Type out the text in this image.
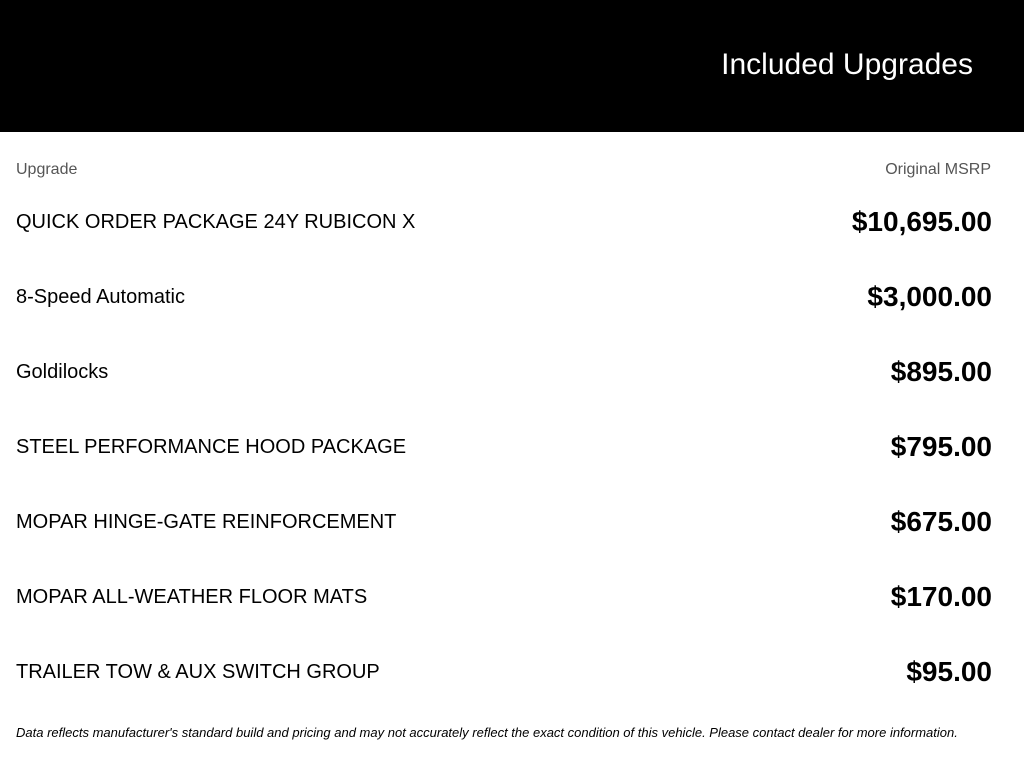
Included Upgrades
Upgrade	Original MSRP
QUICK ORDER PACKAGE 24Y RUBICON X	$10,695.00
8-Speed Automatic	$3,000.00
Goldilocks	$895.00
STEEL PERFORMANCE HOOD PACKAGE	$795.00
MOPAR HINGE-GATE REINFORCEMENT	$675.00
MOPAR ALL-WEATHER FLOOR MATS	$170.00
TRAILER TOW & AUX SWITCH GROUP	$95.00

Data reflects manufacturer's standard build and pricing and may not accurately reflect the exact condition of this vehicle. Please contact dealer for more information.
